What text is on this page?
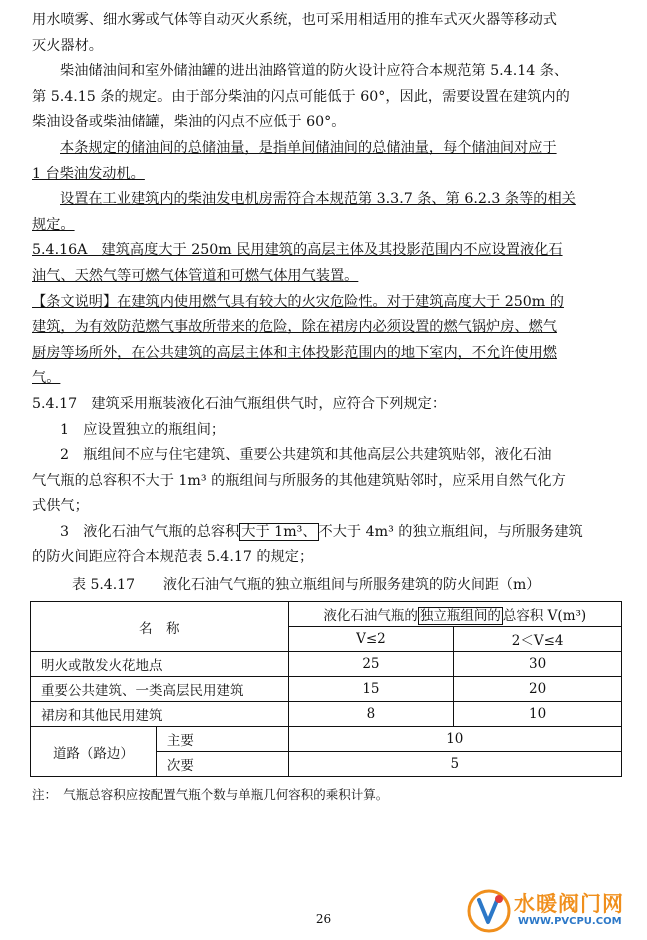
用水喷雾、细水雾或气体等自动灭火系统，也可采用相适用的推车式灭火器等移动式

灭火器材。

柴油储油间和室外储油罐的进出油路管道的防火设计应符合本规范第 5.4.14 条、

第 5.4.15 条的规定。由于部分柴油的闪点可能低于 60°，因此，需要设置在建筑内的

柴油设备或柴油储罐，柴油的闪点不应低于 60°。

本条规定的储油间的总储油量，是指单间储油间的总储油量，每个储油间对应于

1 台柴油发动机。

设置在工业建筑内的柴油发电机房需符合本规范第 3.3.7 条、第 6.2.3 条等的相关

规定。

5.4.16A　建筑高度大于 250m 民用建筑的高层主体及其投影范围内不应设置液化石

油气、天然气等可燃气体管道和可燃气体用气装置。

【条文说明】在建筑内使用燃气具有较大的火灾危险性。对于建筑高度大于 250m 的

建筑，为有效防范燃气事故所带来的危险，除在裙房内必须设置的燃气锅炉房、燃气

厨房等场所外，在公共建筑的高层主体和主体投影范围内的地下室内，不允许使用燃

气。

5.4.17　建筑采用瓶装液化石油气瓶组供气时，应符合下列规定：

1　应设置独立的瓶组间；

2　瓶组间不应与住宅建筑、重要公共建筑和其他高层公共建筑贴邻，液化石油

气气瓶的总容积不大于 1m³ 的瓶组间与所服务的其他建筑贴邻时，应采用自然气化方

式供气；

3　液化石油气气瓶的总容积 大于 1m³、 不大于 4m³ 的独立瓶组间，与所服务建筑

的防火间距应符合本规范表 5.4.17 的规定；

表 5.4.17　　液化石油气气瓶的独立瓶组间与所服务建筑的防火间距（m）

名　称		液化石油气瓶的 独立瓶组间的 总容积 V(m³)	
		V≤2	2＜V≤4
明火或散发火花地点		25	30
重要公共建筑、一类高层民用建筑		15	20
裙房和其他民用建筑		8	10
道路（路边）	主要	10	
	次要	5	

注：　气瓶总容积应按配置气瓶个数与单瓶几何容积的乘积计算。

26
水暖阀门网
WWW.PVCPU.COM
